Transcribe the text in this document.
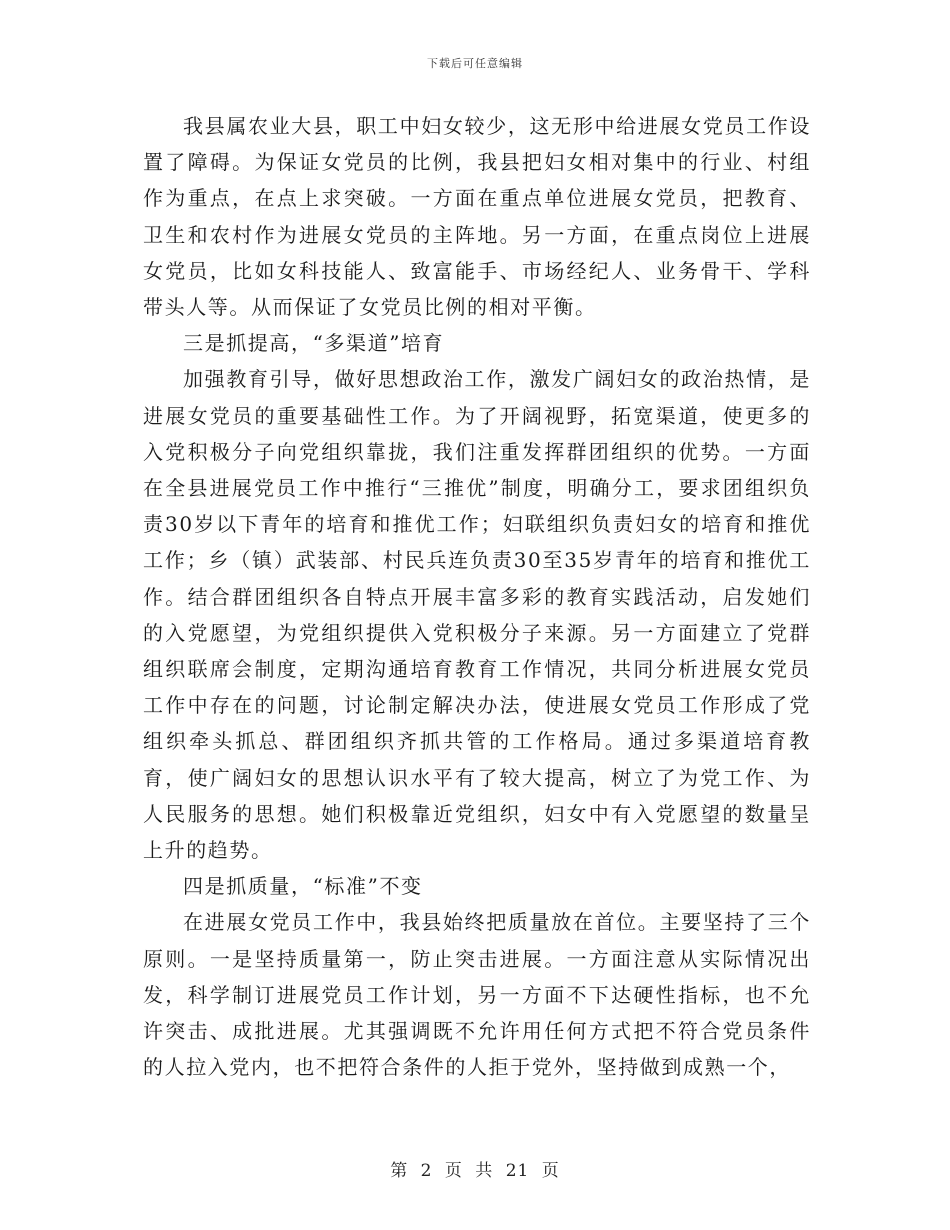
下载后可任意编辑

我县属农业大县，职工中妇女较少，这无形中给进展女党员工作设置了障碍。为保证女党员的比例，我县把妇女相对集中的行业、村组作为重点，在点上求突破。一方面在重点单位进展女党员，把教育、卫生和农村作为进展女党员的主阵地。另一方面，在重点岗位上进展女党员，比如女科技能人、致富能手、市场经纪人、业务骨干、学科带头人等。从而保证了女党员比例的相对平衡。

三是抓提高，“多渠道”培育

加强教育引导，做好思想政治工作，激发广阔妇女的政治热情，是进展女党员的重要基础性工作。为了开阔视野，拓宽渠道，使更多的入党积极分子向党组织靠拢，我们注重发挥群团组织的优势。一方面在全县进展党员工作中推行“三推优”制度，明确分工，要求团组织负责30岁以下青年的培育和推优工作；妇联组织负责妇女的培育和推优工作；乡（镇）武装部、村民兵连负责30至35岁青年的培育和推优工作。结合群团组织各自特点开展丰富多彩的教育实践活动，启发她们的入党愿望，为党组织提供入党积极分子来源。另一方面建立了党群组织联席会制度，定期沟通培育教育工作情况，共同分析进展女党员工作中存在的问题，讨论制定解决办法，使进展女党员工作形成了党组织牵头抓总、群团组织齐抓共管的工作格局。通过多渠道培育教育，使广阔妇女的思想认识水平有了较大提高，树立了为党工作、为人民服务的思想。她们积极靠近党组织，妇女中有入党愿望的数量呈上升的趋势。

四是抓质量，“标准”不变

在进展女党员工作中，我县始终把质量放在首位。主要坚持了三个原则。一是坚持质量第一，防止突击进展。一方面注意从实际情况出发，科学制订进展党员工作计划，另一方面不下达硬性指标，也不允许突击、成批进展。尤其强调既不允许用任何方式把不符合党员条件的人拉入党内，也不把符合条件的人拒于党外，坚持做到成熟一个，

第 2 页 共 21 页
